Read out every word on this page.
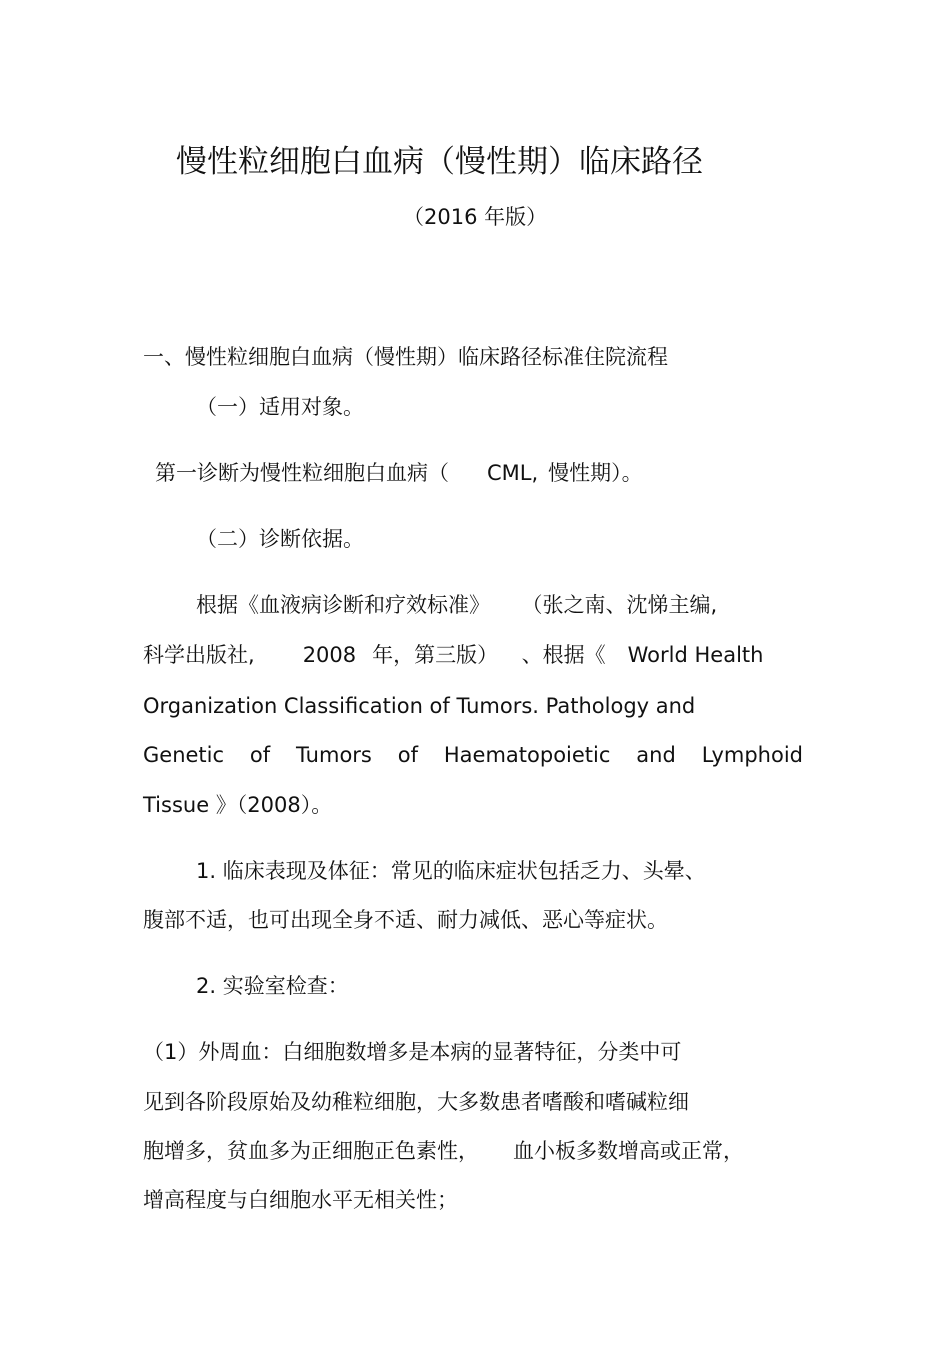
慢性粒细胞白血病（慢性期）临床路径
（2016 年版）
一、慢性粒细胞白血病（慢性期）临床路径标准住院流程
（一）适用对象。
第一诊断为慢性粒细胞白血病（ CML, 慢性期）。
（二）诊断依据。
根据《血液病诊断和疗效标准》 （张之南、沈悌主编,
科学出版社, 2008 年，第三版） 、根据《 World Health
Organization Classification of Tumors. Pathology and
Genetic of Tumors of Haematopoietic and Lymphoid
Tissue 》（2008）。
1. 临床表现及体征：常见的临床症状包括乏力、头晕、
腹部不适，也可出现全身不适、耐力减低、恶心等症状。
2. 实验室检查：
（1）外周血：白细胞数增多是本病的显著特征，分类中可
见到各阶段原始及幼稚粒细胞，大多数患者嗜酸和嗜碱粒细
胞增多，贫血多为正细胞正色素性， 血小板多数增高或正常，
增高程度与白细胞水平无相关性；
